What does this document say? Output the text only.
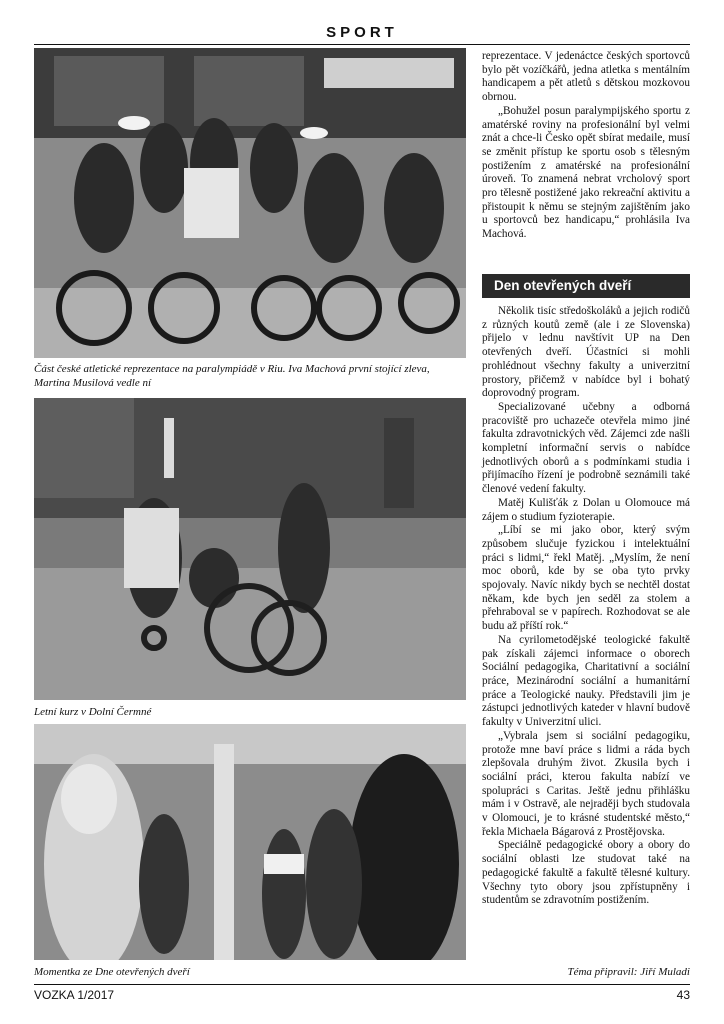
SPORT
Část české atletické reprezentace na paralympiádě v Riu. Iva Machová první stojící zleva, Martina Musilová vedle ní
Letní kurz v Dolní Čermné
Momentka ze Dne otevřených dveří

reprezentace. V jedenáctce českých sportovců bylo pět vozíčkářů, jedna atletka s mentálním handicapem a pět atletů s dětskou mozkovou obrnou.

„Bohužel posun paralympijského sportu z amatérské roviny na profesionální byl velmi znát a chce-li Česko opět sbírat medaile, musí se změnit přístup ke sportu osob s tělesným postižením z amatérské na profesionální úroveň. To znamená nebrat vrcholový sport pro tělesně postižené jako rekreační aktivitu a přistoupit k němu se stejným zajištěním jako u sportovců bez handicapu,“ prohlásila Iva Machová.

Den otevřených dveří

Několik tisíc středoškoláků a jejich rodičů z různých koutů země (ale i ze Slovenska) přijelo v lednu navštívit UP na Den otevřených dveří. Účastníci si mohli prohlédnout všechny fakulty a univerzitní prostory, přičemž v nabídce byl i bohatý doprovodný program.

Specializované učebny a odborná pracoviště pro uchazeče otevřela mimo jiné fakulta zdravotnických věd. Zájemci zde našli kompletní informační servis o nabídce jednotlivých oborů a s podmínkami studia i přijímacího řízení je podrobně seznámili také členové vedení fakulty.

Matěj Kulišťák z Dolan u Olomouce má zájem o studium fyzioterapie.

„Líbí se mi jako obor, který svým způsobem slučuje fyzickou i intelektuální práci s lidmi,“ řekl Matěj. „Myslím, že není moc oborů, kde by se oba tyto prvky spojovaly. Navíc nikdy bych se nechtěl dostat někam, kde bych jen seděl za stolem a přehraboval se v papírech. Rozhodovat se ale budu až příští rok.“

Na cyrilometodějské teologické fakultě pak získali zájemci informace o oborech Sociální pedagogika, Charitativní a sociální práce, Mezinárodní sociální a humanitární práce a Teologické nauky. Představili jim je zástupci jednotlivých kateder v hlavní budově fakulty v Univerzitní ulici.

„Vybrala jsem si sociální pedagogiku, protože mne baví práce s lidmi a ráda bych zlepšovala druhým život. Zkusila bych i sociální práci, kterou fakulta nabízí ve spolupráci s Caritas. Ještě jednu přihlášku mám i v Ostravě, ale nejraději bych studovala v Olomouci, je to krásné studentské město,“ řekla Michaela Bágarová z Prostějovska.

Speciálně pedagogické obory a obory do sociální oblasti lze studovat také na pedagogické fakultě a fakultě tělesné kultury. Všechny tyto obory jsou zpřístupněny i studentům se zdravotním postižením.

Téma připravil: Jiří Muladi
VOZKA 1/2017	43
